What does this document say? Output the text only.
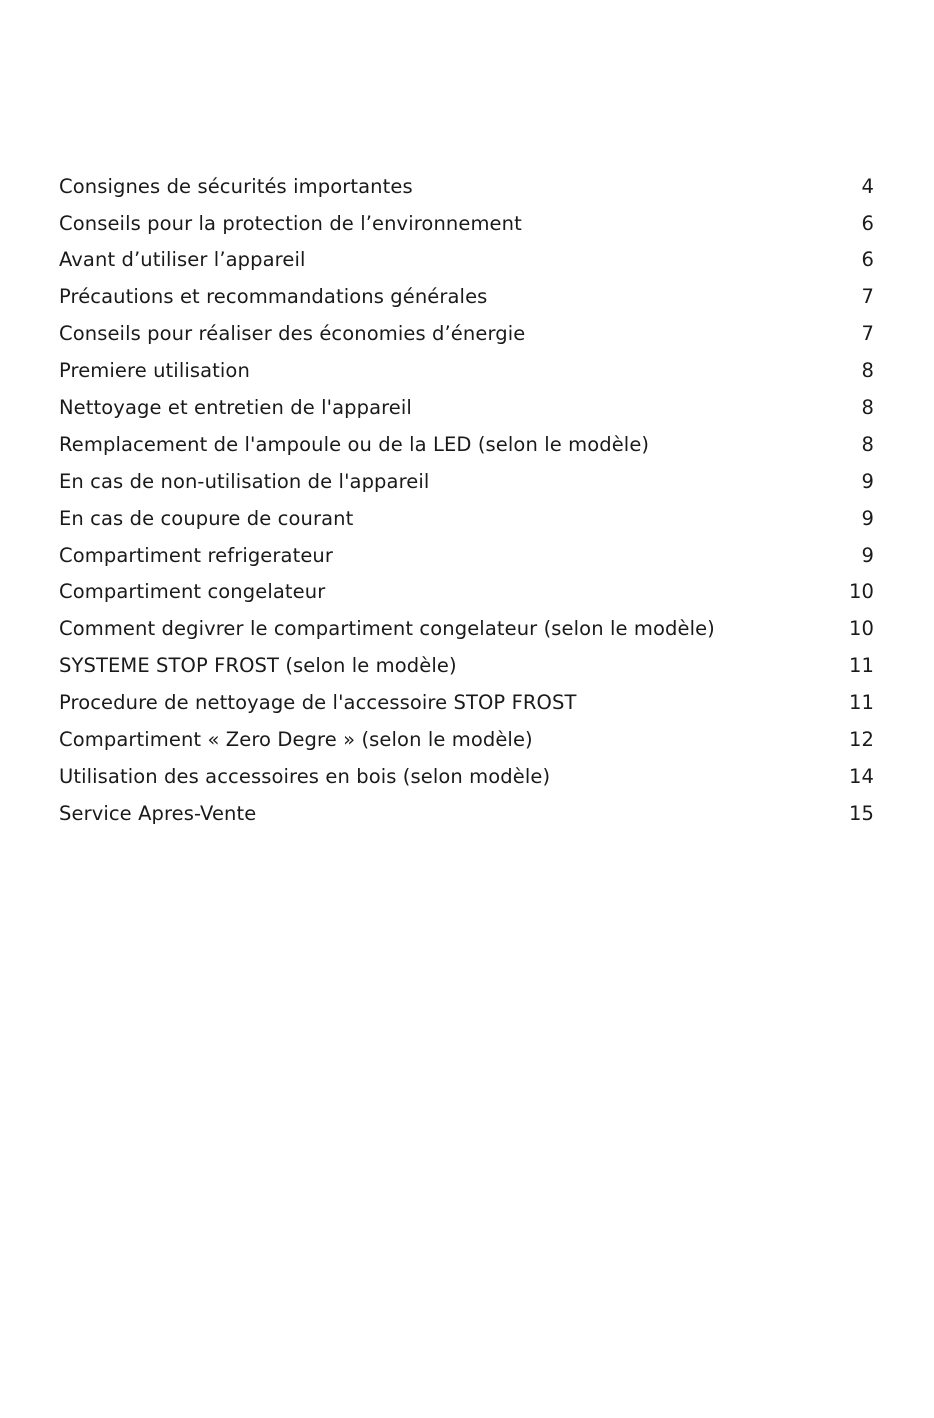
Consignes de sécurités importantes	4
Conseils pour la protection de l’environnement	6
Avant d’utiliser l’appareil	6
Précautions et recommandations générales	7
Conseils pour réaliser des économies d’énergie	7
Premiere utilisation	8
Nettoyage et entretien de l'appareil	8
Remplacement de l'ampoule ou de la LED (selon le modèle)	8
En cas de non-utilisation de l'appareil	9
En cas de coupure de courant	9
Compartiment refrigerateur	9
Compartiment congelateur	10
Comment degivrer le compartiment congelateur (selon le modèle)	10
SYSTEME STOP FROST (selon le modèle)	11
Procedure de nettoyage de l'accessoire STOP FROST	11
Compartiment « Zero Degre » (selon le modèle)	12
Utilisation des accessoires en bois (selon modèle)	14
Service Apres-Vente	15
